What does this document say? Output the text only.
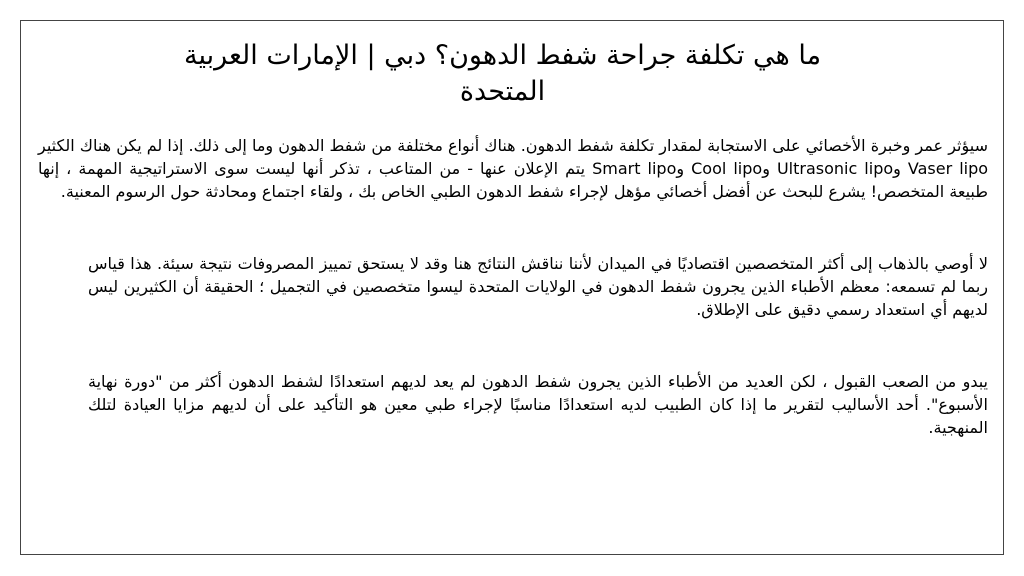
ما هي تكلفة جراحة شفط الدهون؟ دبي | الإمارات العربية المتحدة

سيؤثر عمر وخبرة الأخصائي على الاستجابة لمقدار تكلفة شفط الدهون. هناك أنواع مختلفة من شفط الدهون وما إلى ذلك. إذا لم يكن هناك الكثير Vaser lipo وUltrasonic lipo وCool lipo وSmart lipo يتم الإعلان عنها - من المتاعب ، تذكر أنها ليست سوى الاستراتيجية المهمة ، إنها طبيعة المتخصص! يشرع للبحث عن أفضل أخصائي مؤهل لإجراء شفط الدهون الطبي الخاص بك ، ولقاء اجتماع ومحادثة حول الرسوم المعنية.

لا أوصي بالذهاب إلى أكثر المتخصصين اقتصاديًا في الميدان لأننا نناقش النتائج هنا وقد لا يستحق تمييز المصروفات نتيجة سيئة. هذا قياس ربما لم تسمعه: معظم الأطباء الذين يجرون شفط الدهون في الولايات المتحدة ليسوا متخصصين في التجميل ؛ الحقيقة أن الكثيرين ليس لديهم أي استعداد رسمي دقيق على الإطلاق.

يبدو من الصعب القبول ، لكن العديد من الأطباء الذين يجرون شفط الدهون لم يعد لديهم استعدادًا لشفط الدهون أكثر من "دورة نهاية الأسبوع". أحد الأساليب لتقرير ما إذا كان الطبيب لديه استعدادًا مناسبًا لإجراء طبي معين هو التأكيد على أن لديهم مزايا العيادة لتلك المنهجية.
